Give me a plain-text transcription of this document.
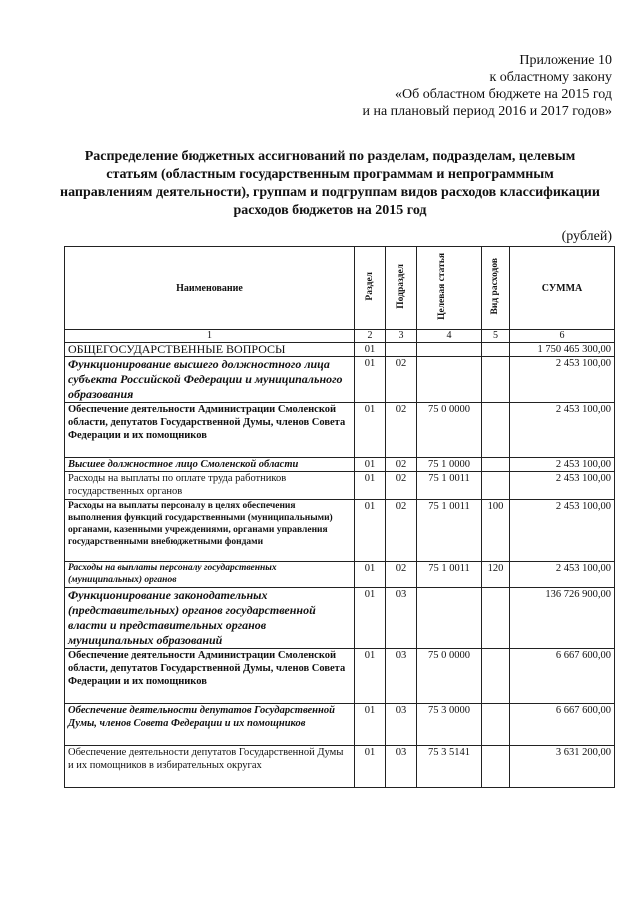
Приложение 10
к областному закону
«Об областном бюджете на 2015 год
и на плановый период 2016 и 2017 годов»
Распределение бюджетных ассигнований по разделам, подразделам, целевым статьям (областным государственным программам и непрограммным направлениям деятельности), группам и подгруппам видов расходов классификации расходов бюджетов на 2015 год
(рублей)
Наименование	Раздел	Подраздел	Целевая статья	Вид расходов	СУММА
1	2	3	4	5	6
ОБЩЕГОСУДАРСТВЕННЫЕ ВОПРОСЫ	01				1 750 465 300,00
Функционирование высшего должностного лица субъекта Российской Федерации и муниципального образования	01	02			2 453 100,00
Обеспечение деятельности Администрации Смоленской области, депутатов Государственной Думы, членов Совета Федерации и их помощников	01	02	75 0 0000		2 453 100,00
Высшее должностное лицо Смоленской области	01	02	75 1 0000		2 453 100,00
Расходы на выплаты по оплате труда работников государственных органов	01	02	75 1 0011		2 453 100,00
Расходы на выплаты персоналу в целях обеспечения выполнения функций государственными (муниципальными) органами, казенными учреждениями, органами управления государственными внебюджетными фондами	01	02	75 1 0011	100	2 453 100,00
Расходы на выплаты персоналу государственных (муниципальных) органов	01	02	75 1 0011	120	2 453 100,00
Функционирование законодательных (представительных) органов государственной власти и представительных органов муниципальных образований	01	03			136 726 900,00
Обеспечение деятельности Администрации Смоленской области, депутатов Государственной Думы, членов Совета Федерации и их помощников	01	03	75 0 0000		6 667 600,00
Обеспечение деятельности депутатов Государственной Думы, членов Совета Федерации и их помощников	01	03	75 3 0000		6 667 600,00
Обеспечение деятельности депутатов Государственной Думы и их помощников в избирательных округах	01	03	75 3 5141		3 631 200,00
